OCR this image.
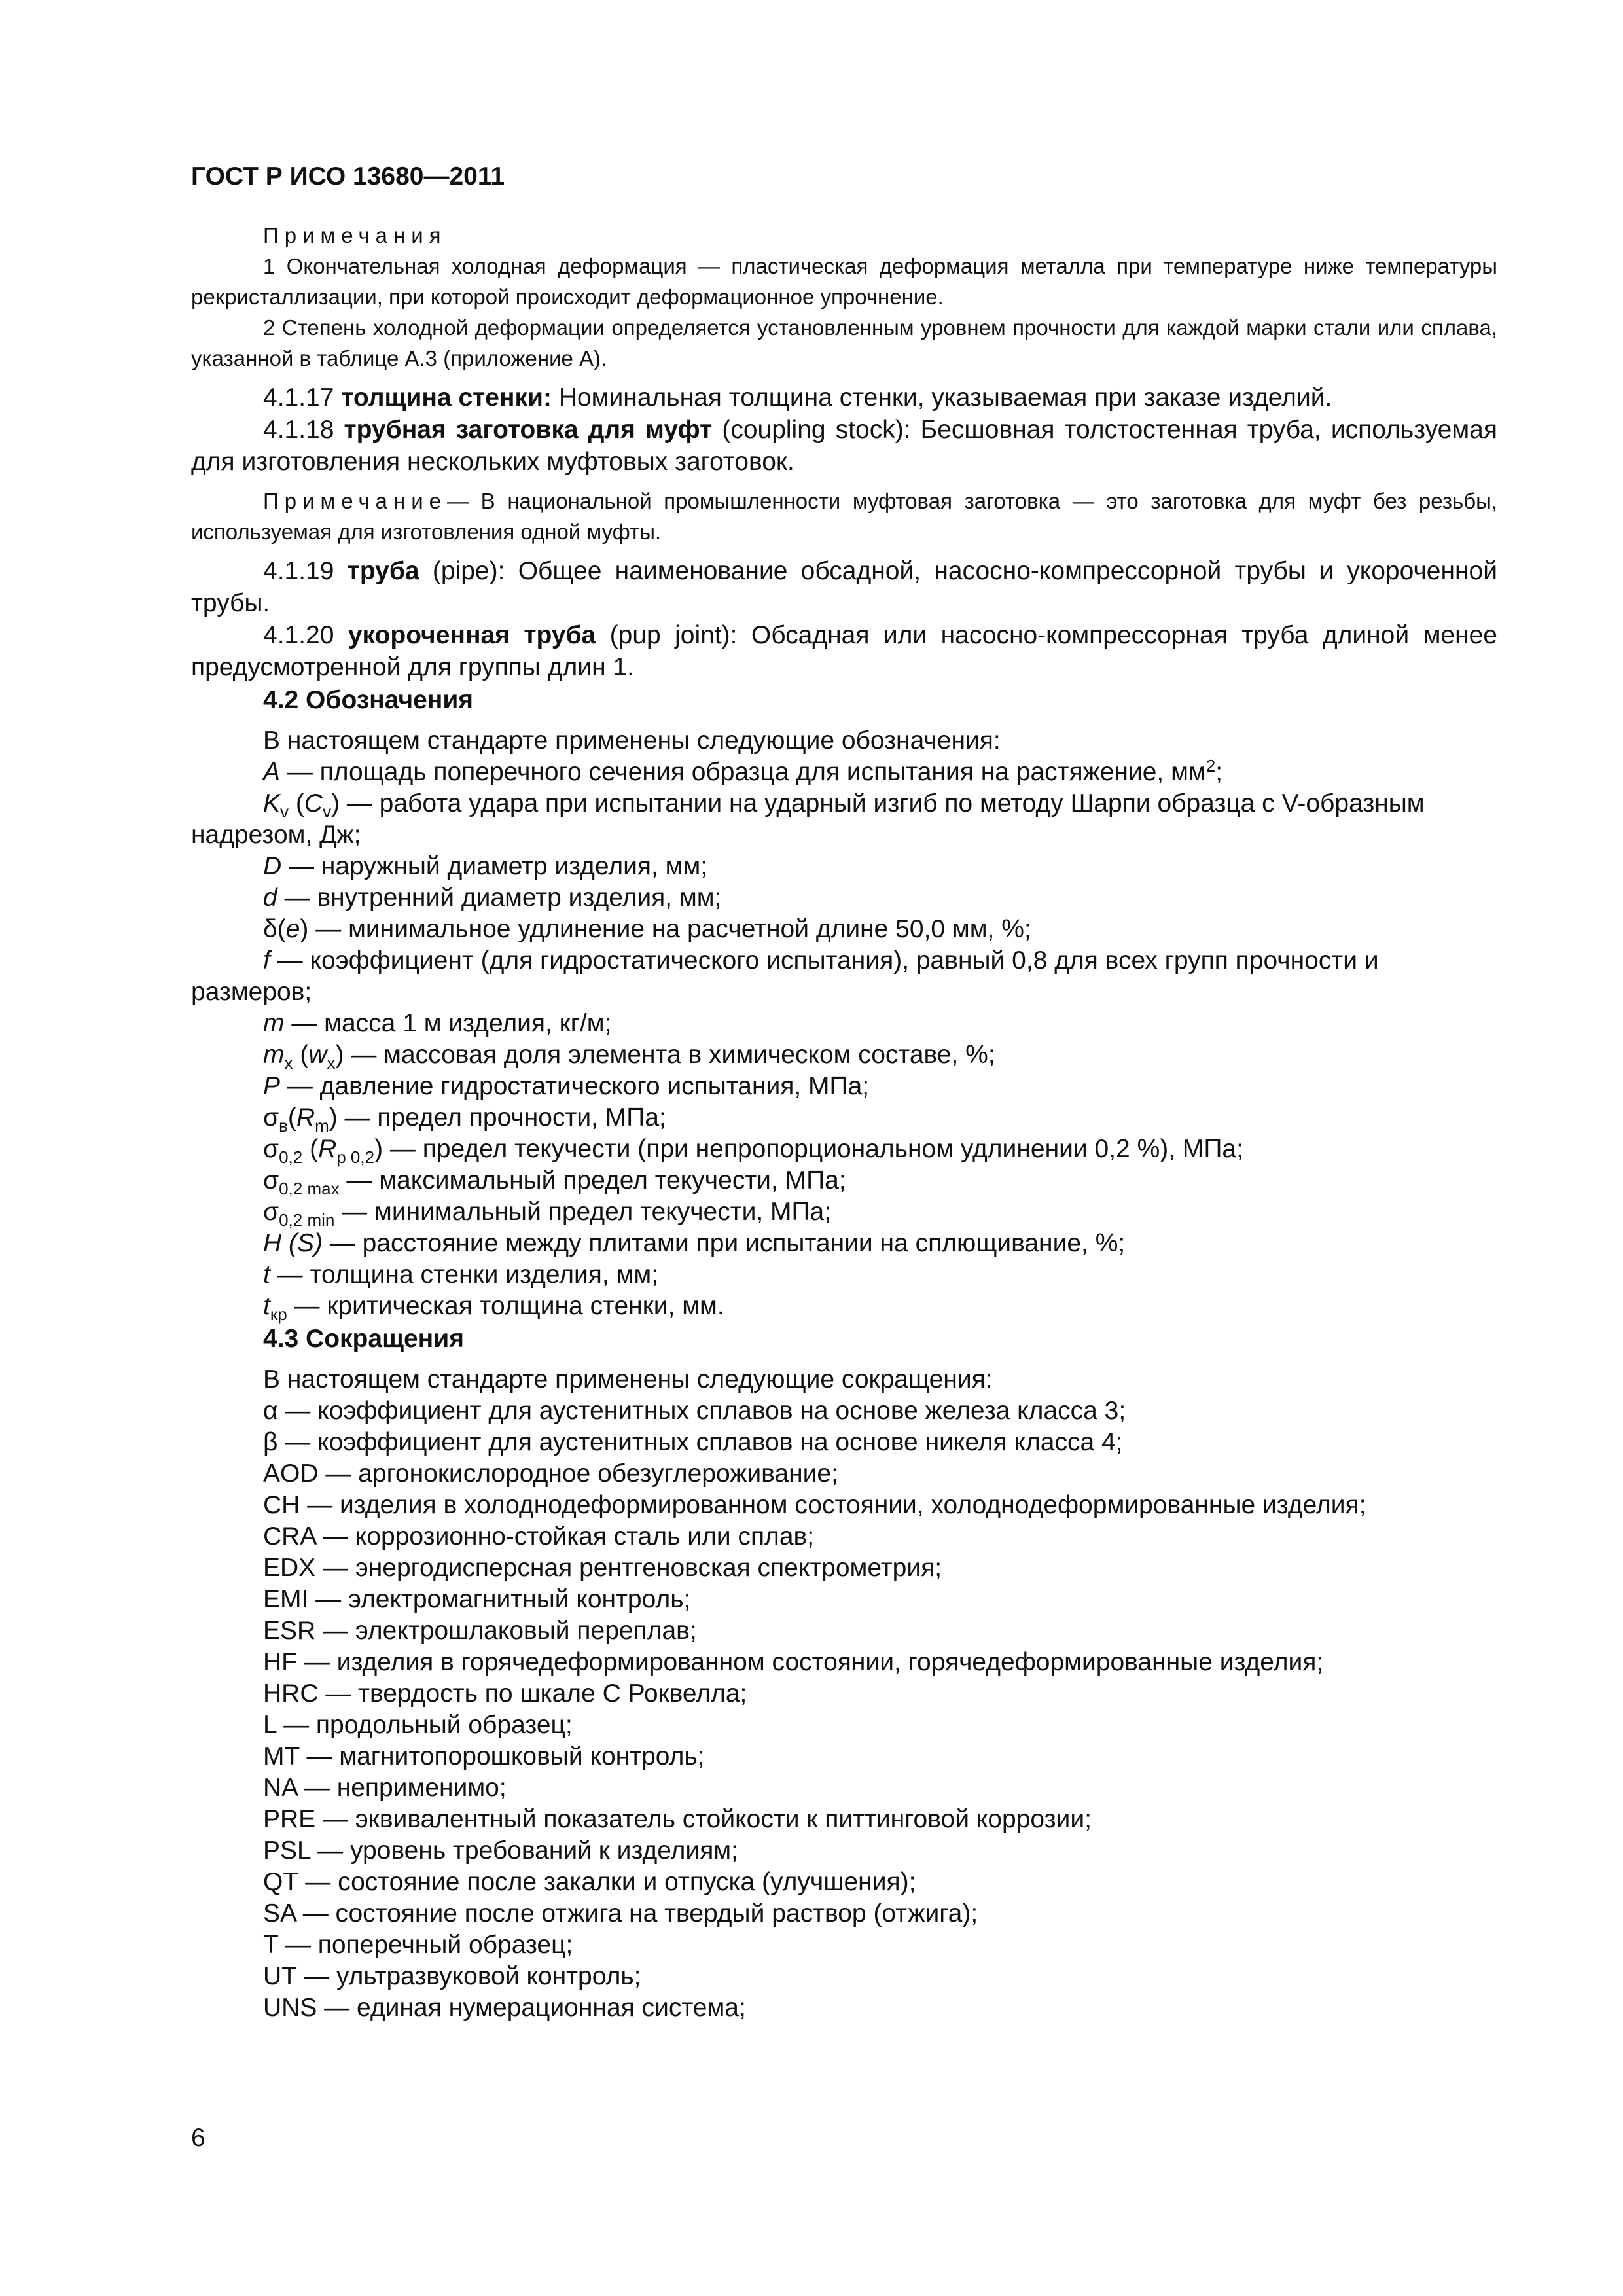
ГОСТ Р ИСО 13680—2011

Примечания

1 Окончательная холодная деформация — пластическая деформация металла при температуре ниже температуры рекристаллизации, при которой происходит деформационное упрочнение.

2 Степень холодной деформации определяется установленным уровнем прочности для каждой марки стали или сплава, указанной в таблице А.3 (приложение А).

4.1.17 толщина стенки: Номинальная толщина стенки, указываемая при заказе изделий.

4.1.18 трубная заготовка для муфт (coupling stock): Бесшовная толстостенная труба, используемая для изготовления нескольких муфтовых заготовок.

Примечание— В национальной промышленности муфтовая заготовка — это заготовка для муфт без резьбы, используемая для изготовления одной муфты.

4.1.19 труба (pipe): Общее наименование обсадной, насосно-компрессорной трубы и укороченной трубы.

4.1.20 укороченная труба (pup joint): Обсадная или насосно-компрессорная труба длиной менее предусмотренной для группы длин 1.

4.2 Обозначения

В настоящем стандарте применены следующие обозначения:

A — площадь поперечного сечения образца для испытания на растяжение, $мм^2$;

$K_v$ $(C_v)$ — работа удара при испытании на ударный изгиб по методу Шарпи образца с V-образным надрезом, Дж;

D — наружный диаметр изделия, мм;

d — внутренний диаметр изделия, мм;

δ(e) — минимальное удлинение на расчетной длине 50,0 мм, %;

f — коэффициент (для гидростатического испытания), равный 0,8 для всех групп прочности и размеров;

m — масса 1 м изделия, кг/м;

$m_x$ $(w_x)$ — массовая доля элемента в химическом составе, %;

P — давление гидростатического испытания, МПа;

$\sigma_в(R_m)$ — предел прочности, МПа;

$\sigma_{0,2}$ $(R_{p 0,2})$ — предел текучести (при непропорциональном удлинении 0,2 %), МПа;

$\sigma_{0,2 max}$ — максимальный предел текучести, МПа;

$\sigma_{0,2 min}$ — минимальный предел текучести, МПа;

H (S) — расстояние между плитами при испытании на сплющивание, %;

t — толщина стенки изделия, мм;

$t_{кр}$ — критическая толщина стенки, мм.

4.3 Сокращения

В настоящем стандарте применены следующие сокращения:

α — коэффициент для аустенитных сплавов на основе железа класса 3;

β — коэффициент для аустенитных сплавов на основе никеля класса 4;

AOD — аргонокислородное обезуглероживание;

CH — изделия в холоднодеформированном состоянии, холоднодеформированные изделия;

CRA — коррозионно-стойкая сталь или сплав;

EDX — энергодисперсная рентгеновская спектрометрия;

EMI — электромагнитный контроль;

ESR — электрошлаковый переплав;

HF — изделия в горячедеформированном состоянии, горячедеформированные изделия;

HRC — твердость по шкале С Роквелла;

L — продольный образец;

MT — магнитопорошковый контроль;

NA — неприменимо;

PRE — эквивалентный показатель стойкости к питтинговой коррозии;

PSL — уровень требований к изделиям;

QT — состояние после закалки и отпуска (улучшения);

SA — состояние после отжига на твердый раствор (отжига);

T — поперечный образец;

UT — ультразвуковой контроль;

UNS — единая нумерационная система;

6
